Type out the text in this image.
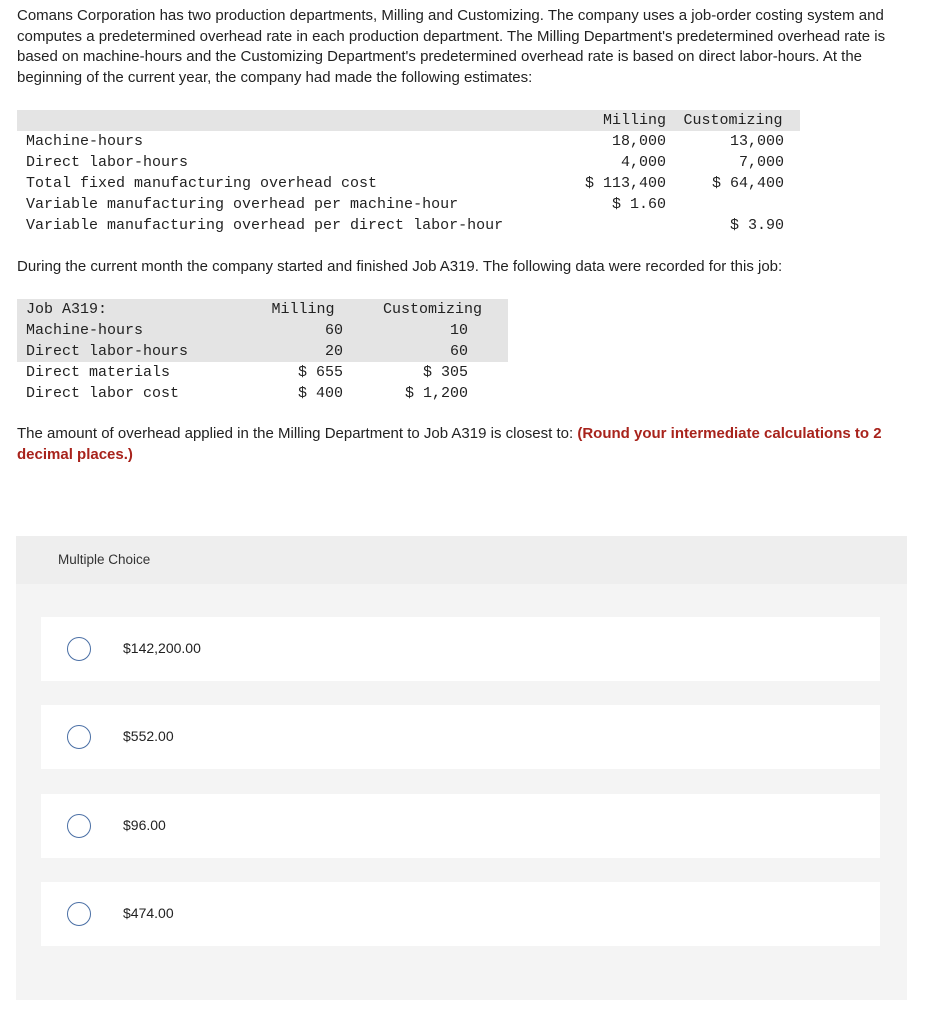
Comans Corporation has two production departments, Milling and Customizing. The company uses a job-order costing system and computes a predetermined overhead rate in each production department. The Milling Department's predetermined overhead rate is based on machine-hours and the Customizing Department's predetermined overhead rate is based on direct labor-hours. At the beginning of the current year, the company had made the following estimates:
	Milling	Customizing
Machine-hours	18,000	13,000
Direct labor-hours	4,000	7,000
Total fixed manufacturing overhead cost	$ 113,400	$ 64,400
Variable manufacturing overhead per machine-hour	$ 1.60	
Variable manufacturing overhead per direct labor-hour		$ 3.90
During the current month the company started and finished Job A319. The following data were recorded for this job:
Job A319:	Milling	Customizing
Machine-hours	60	10
Direct labor-hours	20	60
Direct materials	$ 655	$ 305
Direct labor cost	$ 400	$ 1,200
The amount of overhead applied in the Milling Department to Job A319 is closest to: (Round your intermediate calculations to 2 decimal places.)
Multiple Choice
$142,200.00
$552.00
$96.00
$474.00
